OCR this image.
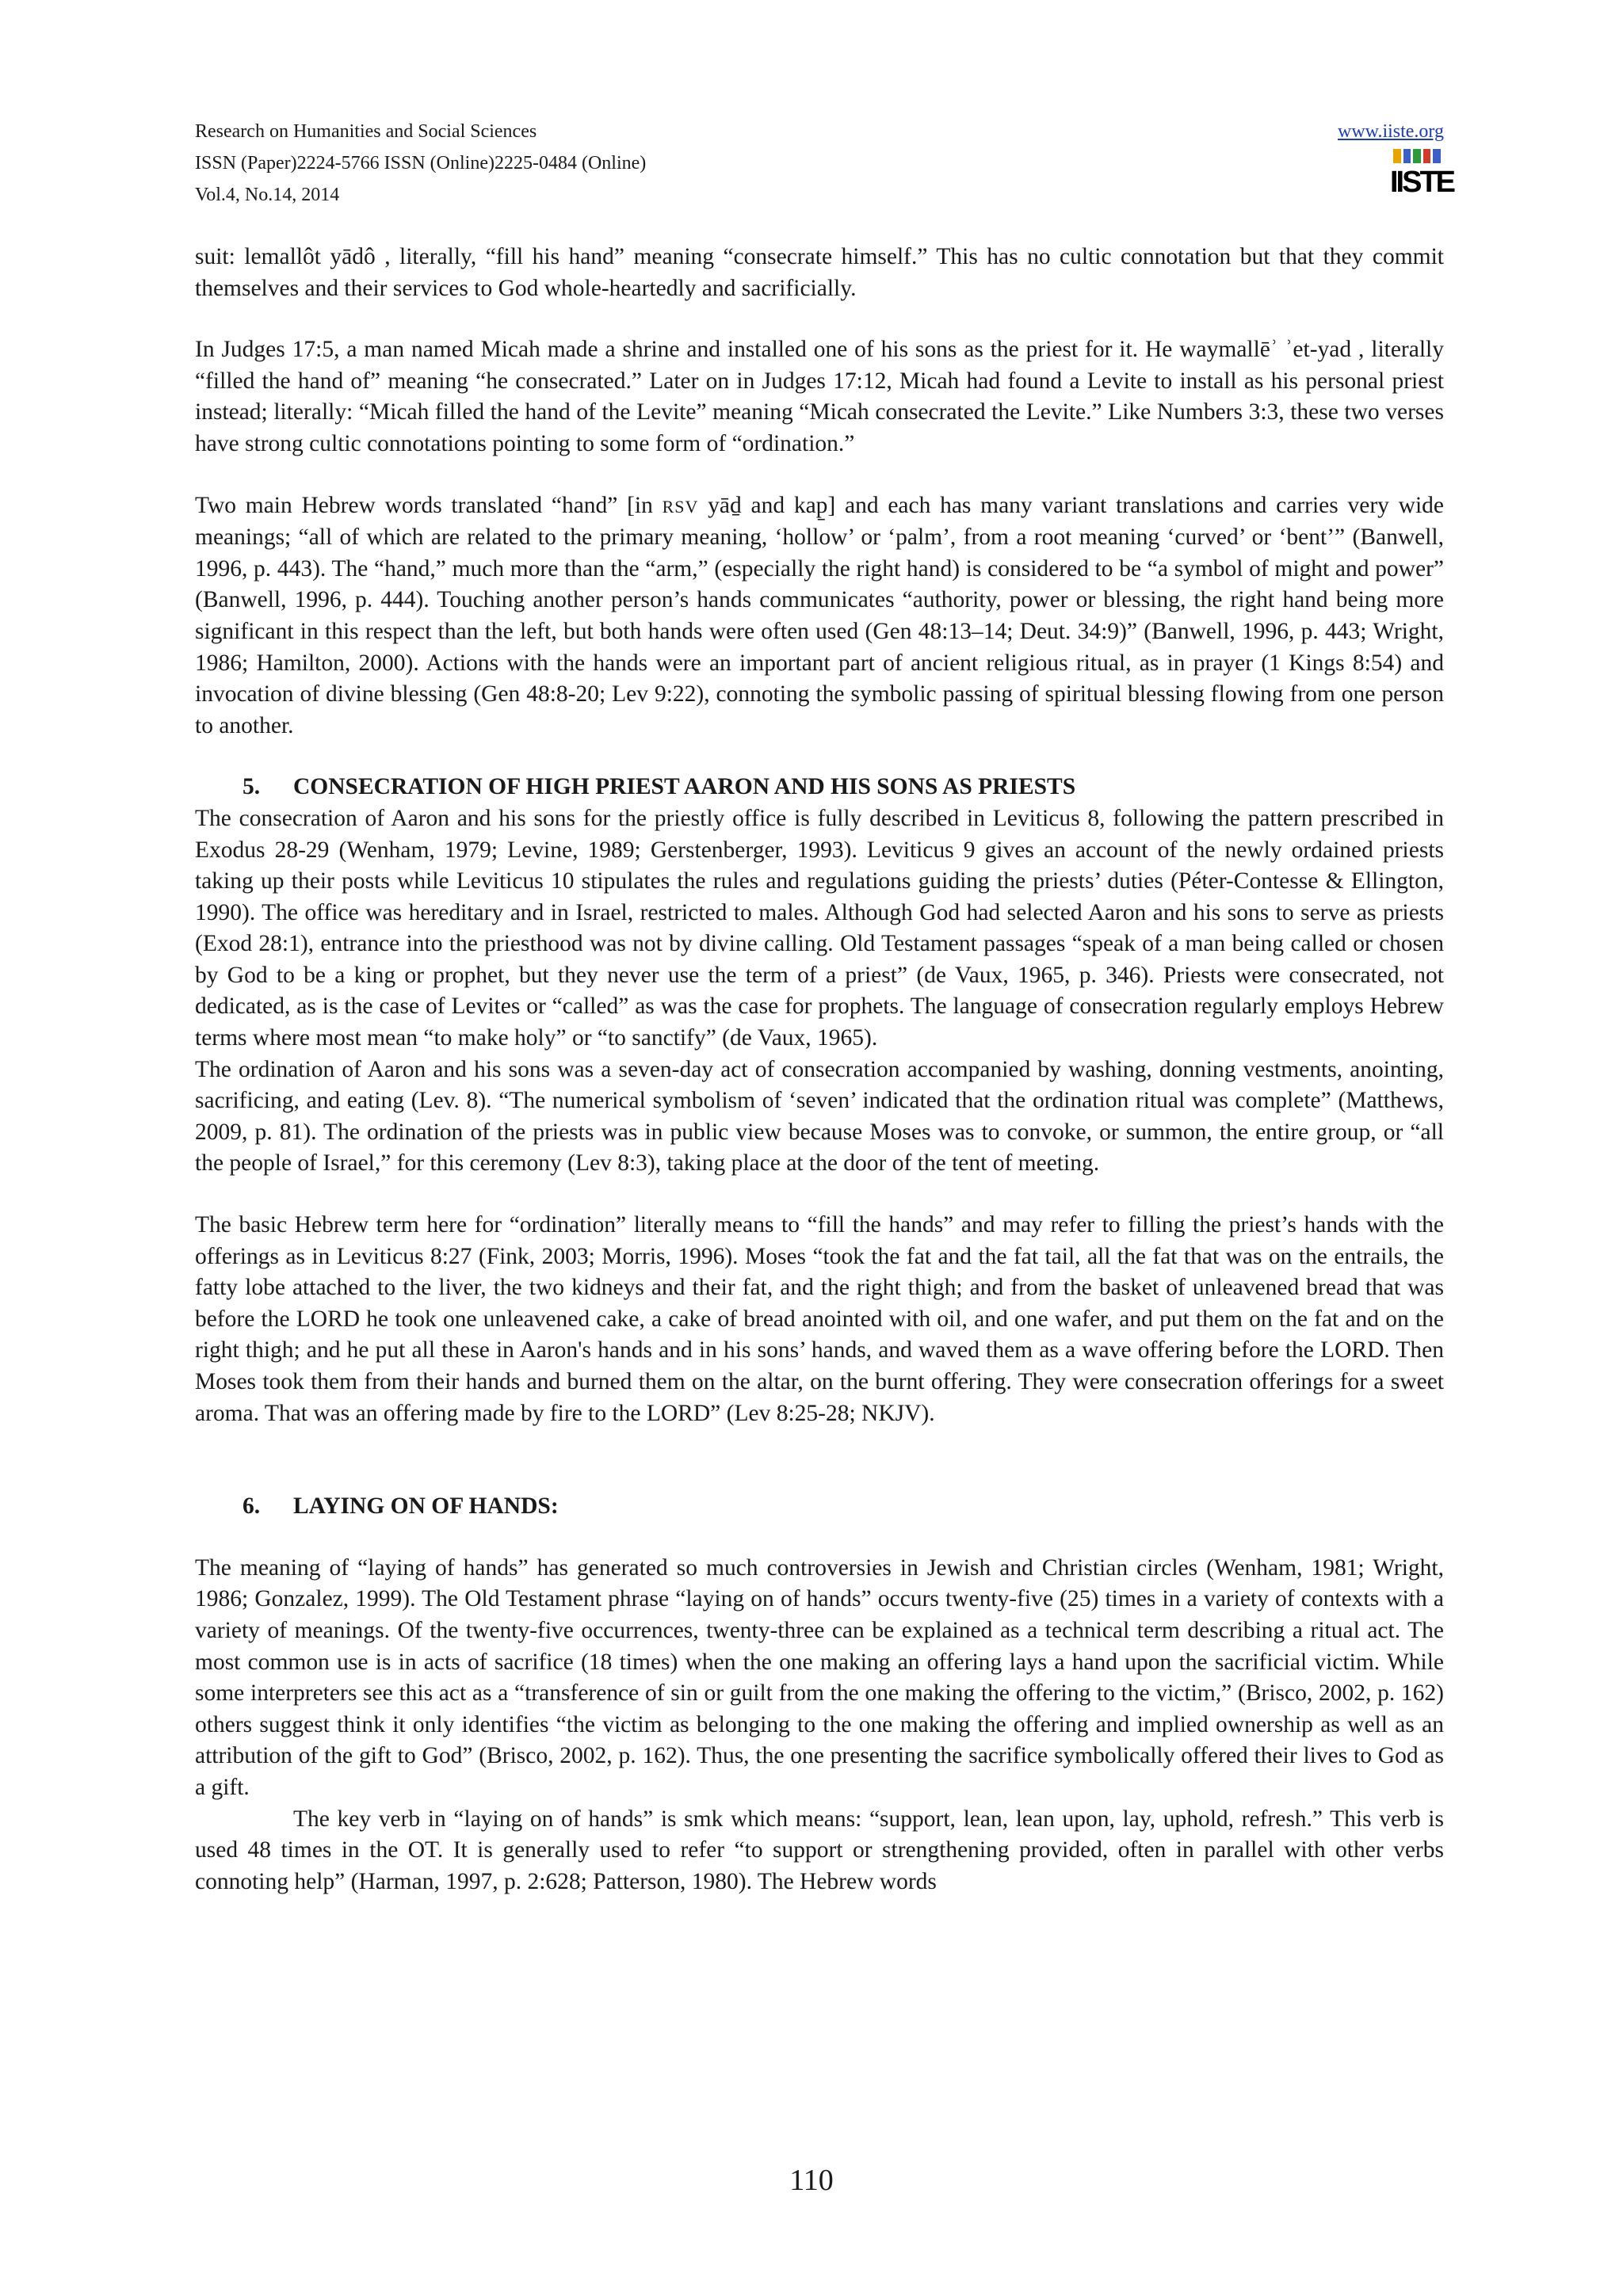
Research on Humanities and Social Sciences
ISSN (Paper)2224-5766 ISSN (Online)2225-0484 (Online)
Vol.4, No.14, 2014
www.iiste.org
IISTE

suit: lemallôt yādô , literally, “fill his hand” meaning “consecrate himself.” This has no cultic connotation but that they commit themselves and their services to God whole-heartedly and sacrificially.

In Judges 17:5, a man named Micah made a shrine and installed one of his sons as the priest for it. He waymallēʾ ʾet-yad , literally “filled the hand of” meaning “he consecrated.” Later on in Judges 17:12, Micah had found a Levite to install as his personal priest instead; literally: “Micah filled the hand of the Levite” meaning “Micah consecrated the Levite.” Like Numbers 3:3, these two verses have strong cultic connotations pointing to some form of “ordination.”

Two main Hebrew words translated “hand” [in RSV yāḏ and kap̱] and each has many variant translations and carries very wide meanings; “all of which are related to the primary meaning, ‘hollow’ or ‘palm’, from a root meaning ‘curved’ or ‘bent’” (Banwell, 1996, p. 443). The “hand,” much more than the “arm,” (especially the right hand) is considered to be “a symbol of might and power” (Banwell, 1996, p. 444). Touching another person’s hands communicates “authority, power or blessing, the right hand being more significant in this respect than the left, but both hands were often used (Gen 48:13–14; Deut. 34:9)” (Banwell, 1996, p. 443; Wright, 1986; Hamilton, 2000). Actions with the hands were an important part of ancient religious ritual, as in prayer (1 Kings 8:54) and invocation of divine blessing (Gen 48:8-20; Lev 9:22), connoting the symbolic passing of spiritual blessing flowing from one person to another.

5. CONSECRATION OF HIGH PRIEST AARON AND HIS SONS AS PRIESTS

The consecration of Aaron and his sons for the priestly office is fully described in Leviticus 8, following the pattern prescribed in Exodus 28-29 (Wenham, 1979; Levine, 1989; Gerstenberger, 1993). Leviticus 9 gives an account of the newly ordained priests taking up their posts while Leviticus 10 stipulates the rules and regulations guiding the priests’ duties (Péter-Contesse & Ellington, 1990). The office was hereditary and in Israel, restricted to males. Although God had selected Aaron and his sons to serve as priests (Exod 28:1), entrance into the priesthood was not by divine calling. Old Testament passages “speak of a man being called or chosen by God to be a king or prophet, but they never use the term of a priest” (de Vaux, 1965, p. 346). Priests were consecrated, not dedicated, as is the case of Levites or “called” as was the case for prophets. The language of consecration regularly employs Hebrew terms where most mean “to make holy” or “to sanctify” (de Vaux, 1965).

The ordination of Aaron and his sons was a seven-day act of consecration accompanied by washing, donning vestments, anointing, sacrificing, and eating (Lev. 8). “The numerical symbolism of ‘seven’ indicated that the ordination ritual was complete” (Matthews, 2009, p. 81). The ordination of the priests was in public view because Moses was to convoke, or summon, the entire group, or “all the people of Israel,” for this ceremony (Lev 8:3), taking place at the door of the tent of meeting.

The basic Hebrew term here for “ordination” literally means to “fill the hands” and may refer to filling the priest’s hands with the offerings as in Leviticus 8:27 (Fink, 2003; Morris, 1996). Moses “took the fat and the fat tail, all the fat that was on the entrails, the fatty lobe attached to the liver, the two kidneys and their fat, and the right thigh; and from the basket of unleavened bread that was before the LORD he took one unleavened cake, a cake of bread anointed with oil, and one wafer, and put them on the fat and on the right thigh; and he put all these in Aaron's hands and in his sons’ hands, and waved them as a wave offering before the LORD. Then Moses took them from their hands and burned them on the altar, on the burnt offering. They were consecration offerings for a sweet aroma. That was an offering made by fire to the LORD” (Lev 8:25-28; NKJV).

6. LAYING ON OF HANDS:

The meaning of “laying of hands” has generated so much controversies in Jewish and Christian circles (Wenham, 1981; Wright, 1986; Gonzalez, 1999). The Old Testament phrase “laying on of hands” occurs twenty-five (25) times in a variety of contexts with a variety of meanings. Of the twenty-five occurrences, twenty-three can be explained as a technical term describing a ritual act. The most common use is in acts of sacrifice (18 times) when the one making an offering lays a hand upon the sacrificial victim. While some interpreters see this act as a “transference of sin or guilt from the one making the offering to the victim,” (Brisco, 2002, p. 162) others suggest think it only identifies “the victim as belonging to the one making the offering and implied ownership as well as an attribution of the gift to God” (Brisco, 2002, p. 162). Thus, the one presenting the sacrifice symbolically offered their lives to God as a gift.

The key verb in “laying on of hands” is smk which means: “support, lean, lean upon, lay, uphold, refresh.” This verb is used 48 times in the OT. It is generally used to refer “to support or strengthening provided, often in parallel with other verbs connoting help” (Harman, 1997, p. 2:628; Patterson, 1980). The Hebrew words

110
